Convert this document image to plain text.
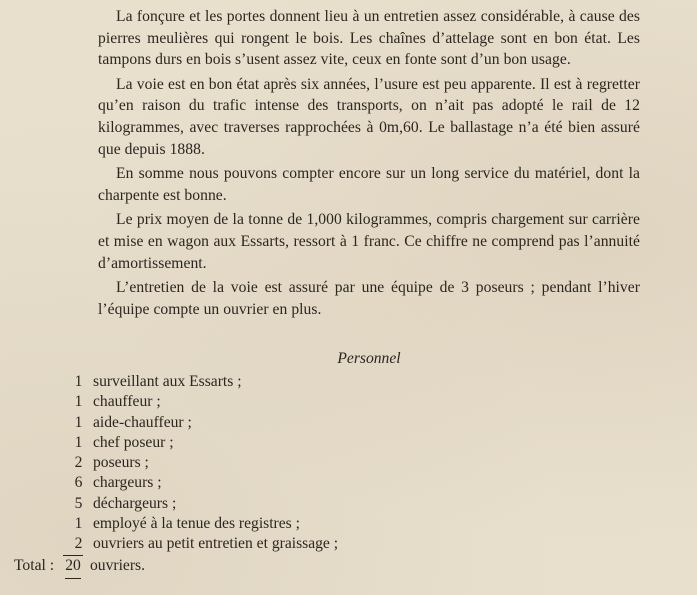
La fonçure et les portes donnent lieu à un entretien assez considérable, à cause des pierres meulières qui rongent le bois. Les chaînes d’attelage sont en bon état. Les tampons durs en bois s’usent assez vite, ceux en fonte sont d’un bon usage.

La voie est en bon état après six années, l’usure est peu apparente. Il est à regretter qu’en raison du trafic intense des transports, on n’ait pas adopté le rail de 12 kilogrammes, avec traverses rapprochées à 0m,60. Le ballastage n’a été bien assuré que depuis 1888.

En somme nous pouvons compter encore sur un long service du matériel, dont la charpente est bonne.

Le prix moyen de la tonne de 1,000 kilogrammes, compris chargement sur carrière et mise en wagon aux Essarts, ressort à 1 franc. Ce chiffre ne comprend pas l’annuité d’amortissement.

L’entretien de la voie est assuré par une équipe de 3 poseurs ; pendant l’hiver l’équipe compte un ouvrier en plus.

Personnel
1 surveillant aux Essarts ;
1 chauffeur ;
1 aide-chauffeur ;
1 chef poseur ;
2 poseurs ;
6 chargeurs ;
5 déchargeurs ;
1 employé à la tenue des registres ;
2 ouvriers au petit entretien et graissage ;
Total : 20 ouvriers.
